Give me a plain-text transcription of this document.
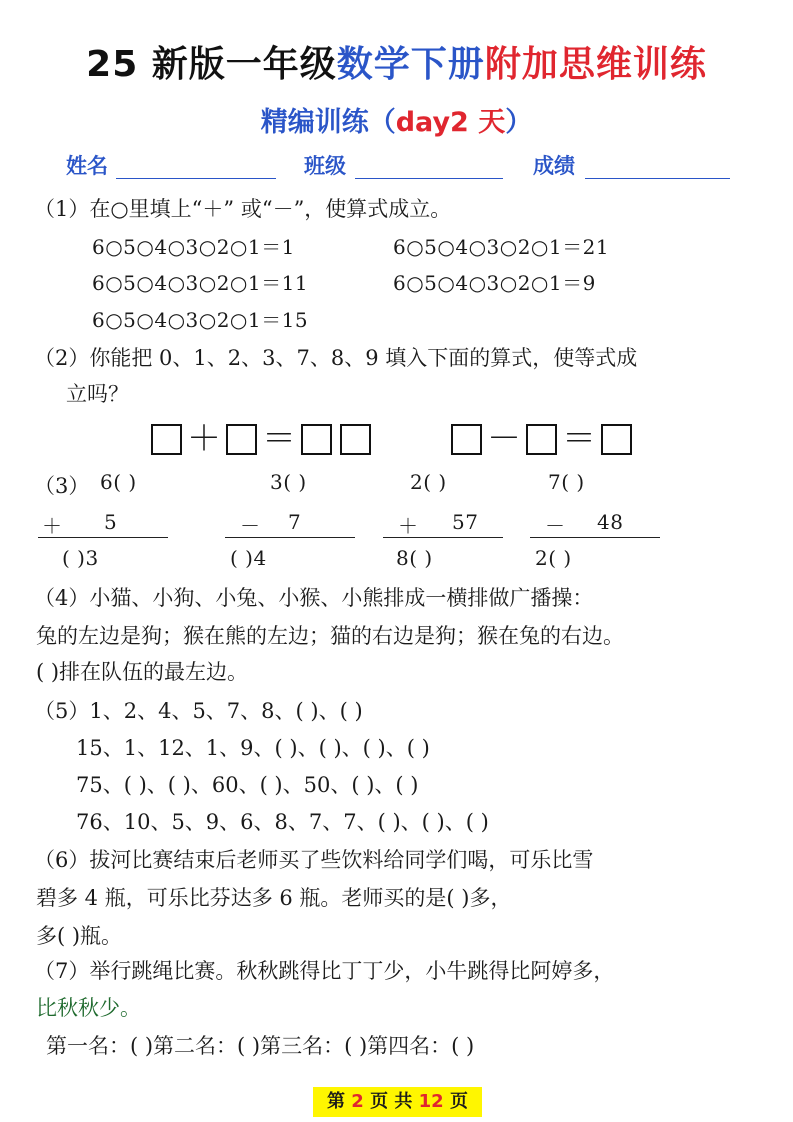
25 新版一年级数学下册附加思维训练
精编训练（day2 天）
姓名	班级	成绩
（1）在○里填上“＋” 或“－”，使算式成立。
6○5○4○3○2○1＝1	6○5○4○3○2○1＝21
6○5○4○3○2○1＝11	6○5○4○3○2○1＝9
6○5○4○3○2○1＝15
（2）你能把 0、1、2、3、7、8、9 填入下面的算式，使等式成
立吗？
＋ ＝	－ ＝
（3） 6( )
＋ 5
( )3
3( )
－ 7
( )4
2( )
＋ 57
8( )
7( )
－ 48
2( )
（4）小猫、小狗、小兔、小猴、小熊排成一横排做广播操：
兔的左边是狗；猴在熊的左边；猫的右边是狗；猴在兔的右边。
( )排在队伍的最左边。
（5）1、2、4、5、7、8、( )、( )
15、1、12、1、9、( )、( )、( )、( )
75、( )、( )、60、( )、50、( )、( )
76、10、5、9、6、8、7、7、( )、( )、( )
（6）拔河比赛结束后老师买了些饮料给同学们喝，可乐比雪
碧多 4 瓶，可乐比芬达多 6 瓶。老师买的是( )多，
多( )瓶。
（7）举行跳绳比赛。秋秋跳得比丁丁少，小牛跳得比阿婷多，
比秋秋少。
第一名：( )第二名：( )第三名：( )第四名：( )
第 2 页 共 12 页
